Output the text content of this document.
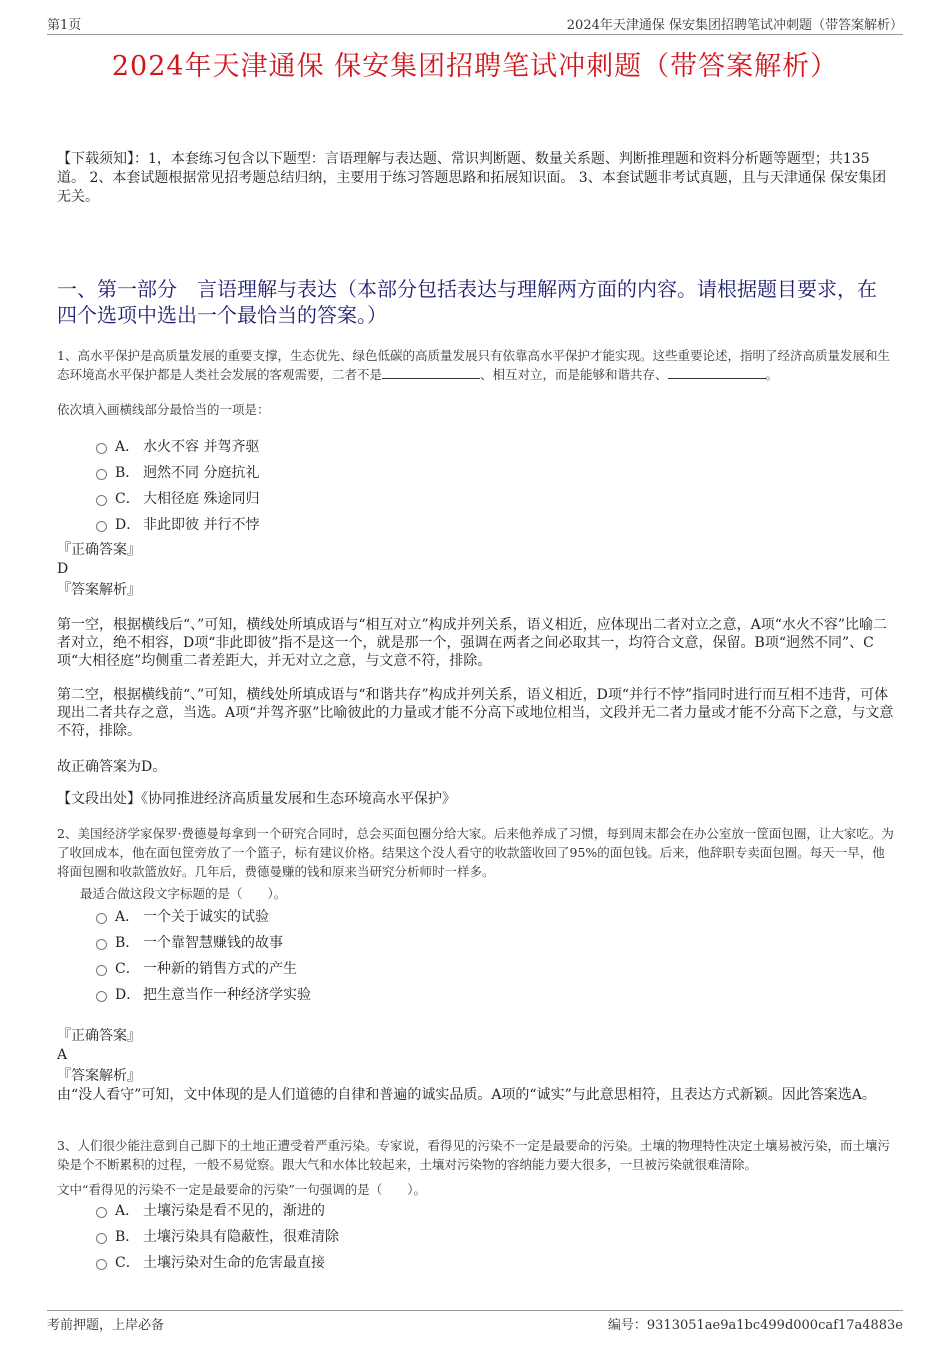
第1页	2024年天津通保 保安集团招聘笔试冲刺题（带答案解析）
2024年天津通保 保安集团招聘笔试冲刺题（带答案解析）
【下载须知】：1，本套练习包含以下题型：言语理解与表达题、常识判断题、数量关系题、判断推理题和资料分析题等题型；共135道。 2、本套试题根据常见招考题总结归纳，主要用于练习答题思路和拓展知识面。 3、本套试题非考试真题，且与天津通保 保安集团无关。
一、第一部分　言语理解与表达（本部分包括表达与理解两方面的内容。请根据题目要求，在四个选项中选出一个最恰当的答案。）
1、高水平保护是高质量发展的重要支撑，生态优先、绿色低碳的高质量发展只有依靠高水平保护才能实现。这些重要论述，指明了经济高质量发展和生态环境高水平保护都是人类社会发展的客观需要，二者不是	、相互对立，而是能够和谐共存、	。
依次填入画横线部分最恰当的一项是：
A． 水火不容 并驾齐驱
B． 迥然不同 分庭抗礼
C． 大相径庭 殊途同归
D． 非此即彼 并行不悖
『正确答案』
D
『答案解析』
第一空，根据横线后“、”可知，横线处所填成语与“相互对立”构成并列关系，语义相近，应体现出二者对立之意，A项“水火不容”比喻二者对立，绝不相容，D项“非此即彼”指不是这一个，就是那一个，强调在两者之间必取其一，均符合文意，保留。B项“迥然不同”、C项“大相径庭”均侧重二者差距大，并无对立之意，与文意不符，排除。
第二空，根据横线前“、”可知，横线处所填成语与“和谐共存”构成并列关系，语义相近，D项“并行不悖”指同时进行而互相不违背，可体现出二者共存之意，当选。A项“并驾齐驱”比喻彼此的力量或才能不分高下或地位相当，文段并无二者力量或才能不分高下之意，与文意不符，排除。
故正确答案为D。
【文段出处】《协同推进经济高质量发展和生态环境高水平保护》
2、美国经济学家保罗·费德曼每拿到一个研究合同时，总会买面包圈分给大家。后来他养成了习惯，每到周末都会在办公室放一筐面包圈，让大家吃。为了收回成本，他在面包筐旁放了一个篮子，标有建议价格。结果这个没人看守的收款篮收回了95%的面包钱。后来，他辞职专卖面包圈。每天一早，他将面包圈和收款篮放好。几年后，费德曼赚的钱和原来当研究分析师时一样多。
最适合做这段文字标题的是（　　）。
A． 一个关于诚实的试验
B． 一个靠智慧赚钱的故事
C． 一种新的销售方式的产生
D． 把生意当作一种经济学实验
『正确答案』
A
『答案解析』
由“没人看守”可知，文中体现的是人们道德的自律和普遍的诚实品质。A项的“诚实”与此意思相符，且表达方式新颖。因此答案选A。
3、人们很少能注意到自己脚下的土地正遭受着严重污染。专家说，看得见的污染不一定是最要命的污染。土壤的物理特性决定土壤易被污染，而土壤污染是个不断累积的过程，一般不易觉察。跟大气和水体比较起来，土壤对污染物的容纳能力要大很多，一旦被污染就很难清除。
文中“看得见的污染不一定是最要命的污染”一句强调的是（　　）。
A． 土壤污染是看不见的，渐进的
B． 土壤污染具有隐蔽性，很难清除
C． 土壤污染对生命的危害最直接
考前押题，上岸必备	编号：9313051ae9a1bc499d000caf17a4883e
